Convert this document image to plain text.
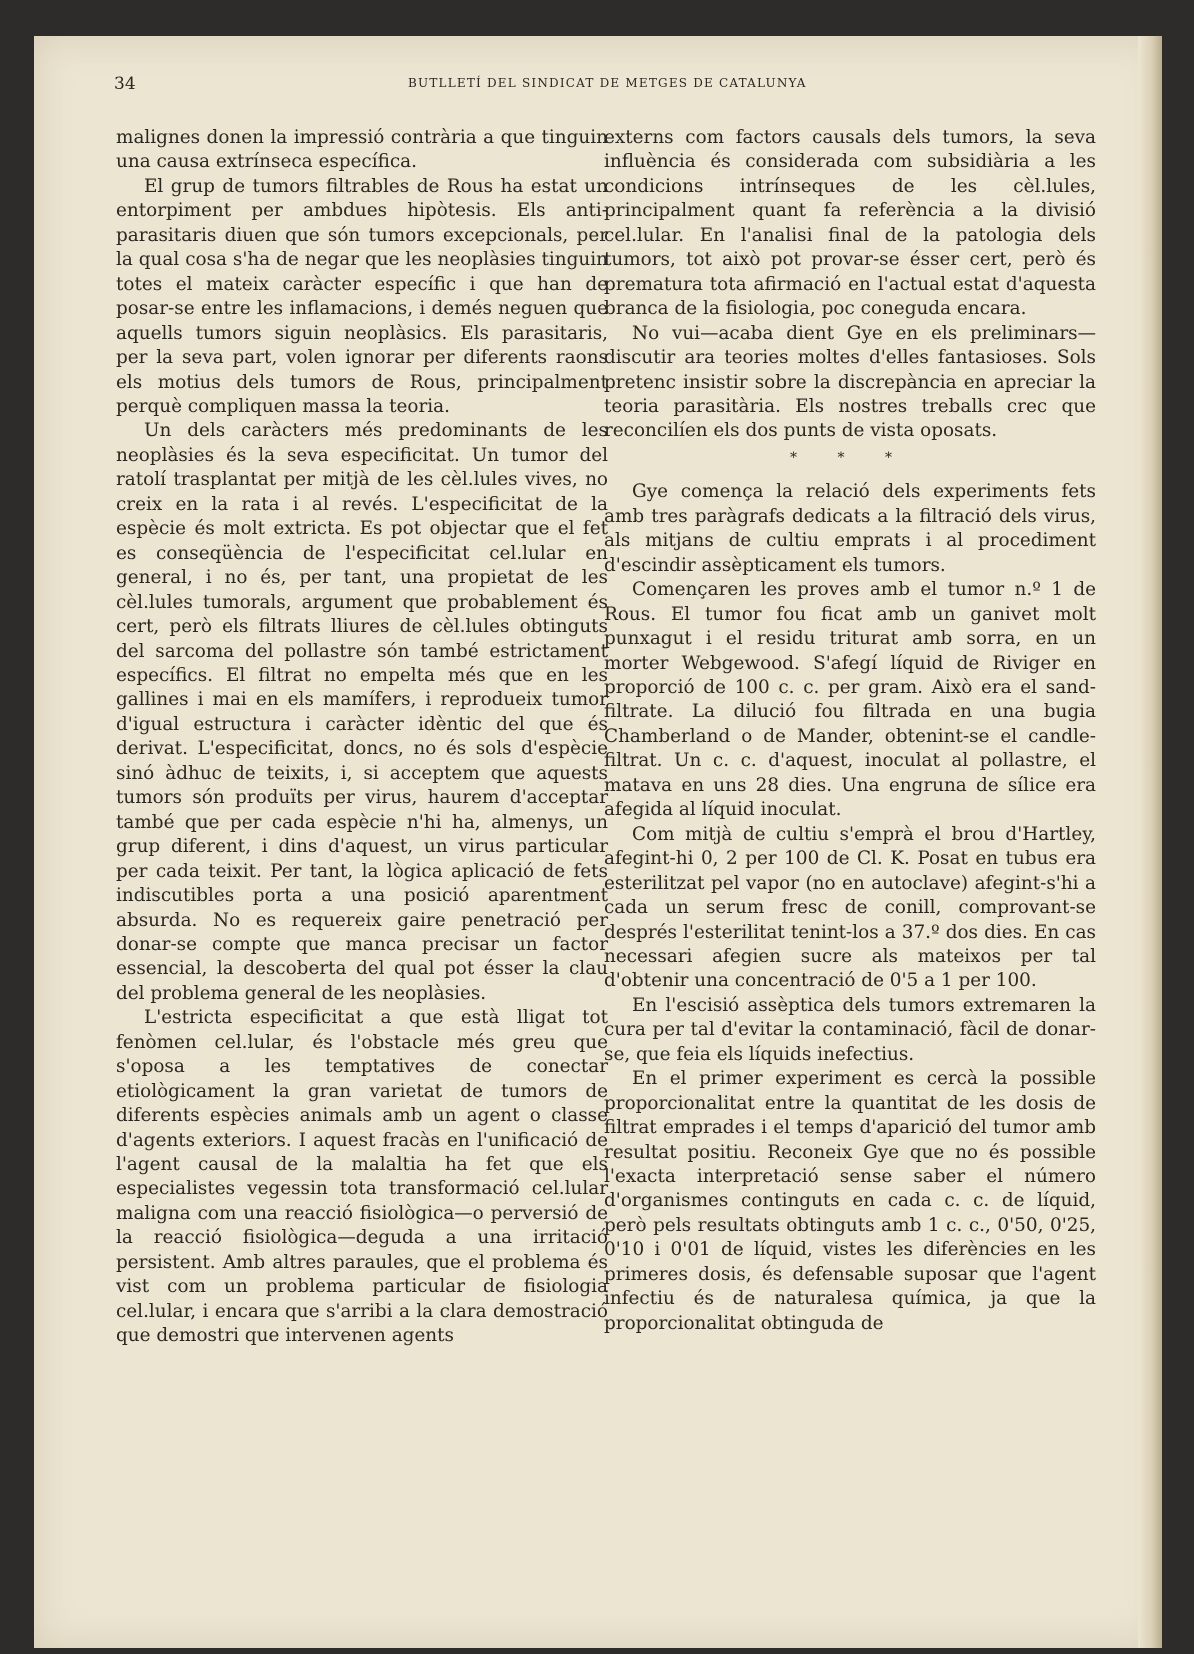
34	BUTLLETÍ DEL SINDICAT DE METGES DE CATALUNYA

malignes donen la impressió contrària a que tinguin una causa extrínseca específica.

El grup de tumors filtrables de Rous ha estat un entorpiment per ambdues hipòtesis. Els anti-parasitaris diuen que són tumors excepcionals, per la qual cosa s'ha de negar que les neoplàsies tinguin totes el mateix caràcter específic i que han de posar-se entre les inflamacions, i demés neguen que aquells tumors siguin neoplàsics. Els parasitaris, per la seva part, volen ignorar per diferents raons els motius dels tumors de Rous, principalment perquè compliquen massa la teoria.

Un dels caràcters més predominants de les neoplàsies és la seva especificitat. Un tumor del ratolí trasplantat per mitjà de les cèl.lules vives, no creix en la rata i al revés. L'especificitat de la espècie és molt extricta. Es pot objectar que el fet es conseqüència de l'especificitat cel.lular en general, i no és, per tant, una propietat de les cèl.lules tumorals, argument que probablement és cert, però els filtrats lliures de cèl.lules obtinguts del sarcoma del pollastre són també estrictament específics. El filtrat no empelta més que en les gallines i mai en els mamífers, i reprodueix tumor d'igual estructura i caràcter idèntic del que és derivat. L'especificitat, doncs, no és sols d'espècie sinó àdhuc de teixits, i, si acceptem que aquests tumors són produïts per virus, haurem d'acceptar també que per cada espècie n'hi ha, almenys, un grup diferent, i dins d'aquest, un virus particular per cada teixit. Per tant, la lògica aplicació de fets indiscutibles porta a una posició aparentment absurda. No es requereix gaire penetració per donar-se compte que manca precisar un factor essencial, la descoberta del qual pot ésser la clau del problema general de les neoplàsies.

L'estricta especificitat a que està lligat tot fenòmen cel.lular, és l'obstacle més greu que s'oposa a les temptatives de conectar etiològicament la gran varietat de tumors de diferents espècies animals amb un agent o classe d'agents exteriors. I aquest fracàs en l'unificació de l'agent causal de la malaltia ha fet que els especialistes vegessin tota transformació cel.lular maligna com una reacció fisiològica—o perversió de la reacció fisiològica—deguda a una irritació persistent. Amb altres paraules, que el problema és vist com un problema particular de fisiologia cel.lular, i encara que s'arribi a la clara demostració que demostri que intervenen agents

externs com factors causals dels tumors, la seva influència és considerada com subsidiària a les condicions intrínseques de les cèl.lules, principalment quant fa referència a la divisió cel.lular. En l'analisi final de la patologia dels tumors, tot això pot provar-se ésser cert, però és prematura tota afirmació en l'actual estat d'aquesta branca de la fisiologia, poc coneguda encara.

No vui—acaba dient Gye en els preliminars—discutir ara teories moltes d'elles fantasioses. Sols pretenc insistir sobre la discrepància en apreciar la teoria parasitària. Els nostres treballs crec que reconcilíen els dos punts de vista oposats.

* * *

Gye comença la relació dels experiments fets amb tres paràgrafs dedicats a la filtració dels virus, als mitjans de cultiu emprats i al procediment d'escindir assèpticament els tumors.

Començaren les proves amb el tumor n.º 1 de Rous. El tumor fou ficat amb un ganivet molt punxagut i el residu triturat amb sorra, en un morter Webgewood. S'afegí líquid de Riviger en proporció de 100 c. c. per gram. Això era el sand-filtrate. La dilució fou filtrada en una bugia Chamberland o de Mander, obtenint-se el candle-filtrat. Un c. c. d'aquest, inoculat al pollastre, el matava en uns 28 dies. Una engruna de sílice era afegida al líquid inoculat.

Com mitjà de cultiu s'emprà el brou d'Hartley, afegint-hi 0, 2 per 100 de Cl. K. Posat en tubus era esterilitzat pel vapor (no en autoclave) afegint-s'hi a cada un serum fresc de conill, comprovant-se després l'esterilitat tenint-los a 37.º dos dies. En cas necessari afegien sucre als mateixos per tal d'obtenir una concentració de 0'5 a 1 per 100.

En l'escisió assèptica dels tumors extremaren la cura per tal d'evitar la contaminació, fàcil de donar-se, que feia els líquids inefectius.

En el primer experiment es cercà la possible proporcionalitat entre la quantitat de les dosis de filtrat emprades i el temps d'aparició del tumor amb resultat positiu. Reconeix Gye que no és possible l'exacta interpretació sense saber el número d'organismes continguts en cada c. c. de líquid, però pels resultats obtinguts amb 1 c. c., 0'50, 0'25, 0'10 i 0'01 de líquid, vistes les diferències en les primeres dosis, és defensable suposar que l'agent infectiu és de naturalesa química, ja que la proporcionalitat obtinguda de
